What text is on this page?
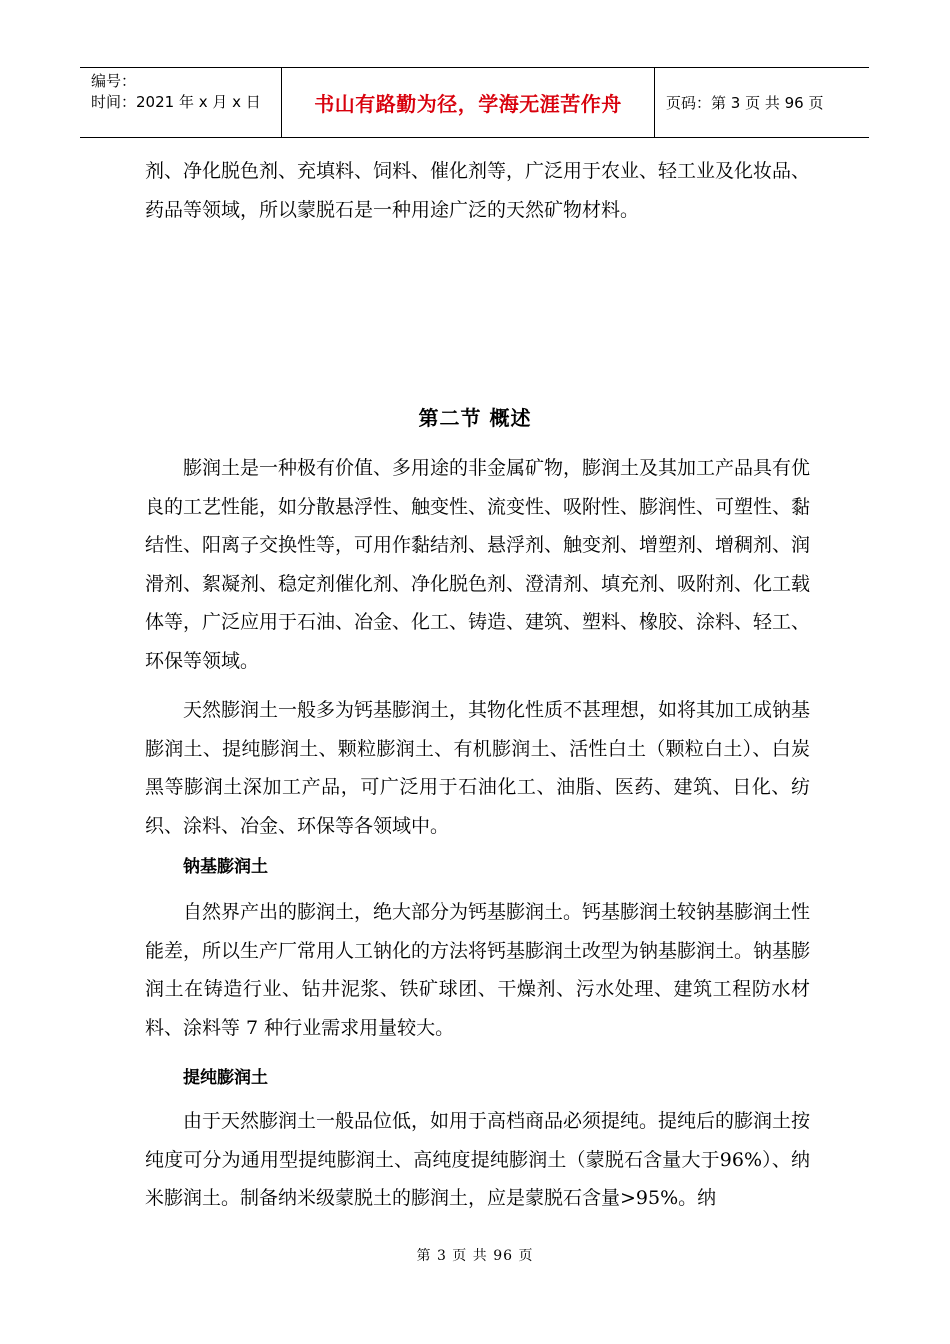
编号：
时间：2021 年 x 月 x 日	书山有路勤为径，学海无涯苦作舟	页码：第 3 页 共 96 页

剂、净化脱色剂、充填料、饲料、催化剂等，广泛用于农业、轻工业及化妆品、药品等领域，所以蒙脱石是一种用途广泛的天然矿物材料。

第二节 概述

膨润土是一种极有价值、多用途的非金属矿物，膨润土及其加工产品具有优良的工艺性能，如分散悬浮性、触变性、流变性、吸附性、膨润性、可塑性、黏结性、阳离子交换性等，可用作黏结剂、悬浮剂、触变剂、增塑剂、增稠剂、润滑剂、絮凝剂、稳定剂催化剂、净化脱色剂、澄清剂、填充剂、吸附剂、化工载体等，广泛应用于石油、冶金、化工、铸造、建筑、塑料、橡胶、涂料、轻工、环保等领域。

天然膨润土一般多为钙基膨润土，其物化性质不甚理想，如将其加工成钠基膨润土、提纯膨润土、颗粒膨润土、有机膨润土、活性白土（颗粒白土）、白炭黑等膨润土深加工产品，可广泛用于石油化工、油脂、医药、建筑、日化、纺织、涂料、冶金、环保等各领域中。

钠基膨润土

自然界产出的膨润土，绝大部分为钙基膨润土。钙基膨润土较钠基膨润土性能差，所以生产厂常用人工钠化的方法将钙基膨润土改型为钠基膨润土。钠基膨润土在铸造行业、钻井泥浆、铁矿球团、干燥剂、污水处理、建筑工程防水材料、涂料等 7 种行业需求用量较大。

提纯膨润土

由于天然膨润土一般品位低，如用于高档商品必须提纯。提纯后的膨润土按纯度可分为通用型提纯膨润土、高纯度提纯膨润土（蒙脱石含量大于96%）、纳米膨润土。制备纳米级蒙脱土的膨润土，应是蒙脱石含量>95%。纳

第 3 页 共 96 页
